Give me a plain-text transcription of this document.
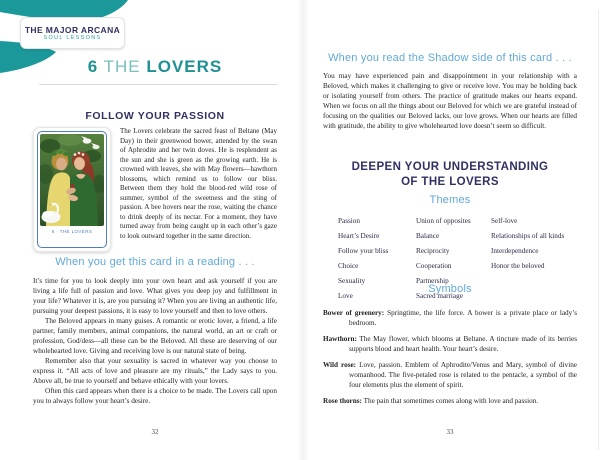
THE MAJOR ARCANA
SOUL LESSONS
6 THE LOVERS
FOLLOW YOUR PASSION
6 · THE LOVERS
The Lovers celebrate the sacred feast of Beltane (May Day) in their greenwood bower, attended by the swan of Aphrodite and her twin doves. He is resplendent as the sun and she is green as the growing earth. He is crowned with leaves, she with May flowers—hawthorn blossoms, which remind us to follow our bliss. Between them they hold the blood-red wild rose of summer, symbol of the sweetness and the sting of passion. A bee hovers near the rose, waiting the chance to drink deeply of its nectar. For a moment, they have turned away from being caught up in each other’s gaze to look outward together in the same direction.
When you get this card in a reading . . .

It’s time for you to look deeply into your own heart and ask yourself if you are living a life full of passion and love. What gives you deep joy and fulfillment in your life? Whatever it is, are you pursuing it? When you are living an authentic life, pursuing your deepest passions, it is easy to love yourself and then to love others.

The Beloved appears in many guises. A romantic or erotic lover, a friend, a life partner, family members, animal companions, the natural world, an art or craft or profession, God/dess—all these can be the Beloved. All these are deserving of our wholehearted love. Giving and receiving love is our natural state of being.

Remember also that your sexuality is sacred in whatever way you choose to express it. “All acts of love and pleasure are my rituals,” the Lady says to you. Above all, be true to yourself and behave ethically with your lovers.

Often this card appears when there is a choice to be made. The Lovers call upon you to always follow your heart’s desire.

32
When you read the Shadow side of this card . . .
You may have experienced pain and disappointment in your relationship with a Beloved, which makes it challenging to give or receive love. You may be holding back or isolating yourself from others. The practice of gratitude makes our hearts expand. When we focus on all the things about our Beloved for which we are grateful instead of focusing on the qualities our Beloved lacks, our love grows. When our hearts are filled with gratitude, the ability to give wholehearted love doesn’t seem so difficult.
DEEPEN YOUR UNDERSTANDING
OF THE LOVERS
Themes
Passion
Heart’s Desire
Follow your bliss
Choice
Sexuality
Love
Union of opposites
Balance
Reciprocity
Cooperation
Partnership
Sacred marriage
Self-love
Relationships of all kinds
Interdependence
Honor the beloved
Symbols
Bower of greenery: Springtime, the life force. A bower is a private place or lady’s bedroom.
Hawthorn: The May flower, which blooms at Beltane. A tincture made of its berries supports blood and heart health. Your heart’s desire.
Wild rose: Love, passion. Emblem of Aphrodite/Venus and Mary, symbol of divine womanhood. The five-petaled rose is related to the pentacle, a symbol of the four elements plus the element of spirit.
Rose thorns: The pain that sometimes comes along with love and passion.
33
